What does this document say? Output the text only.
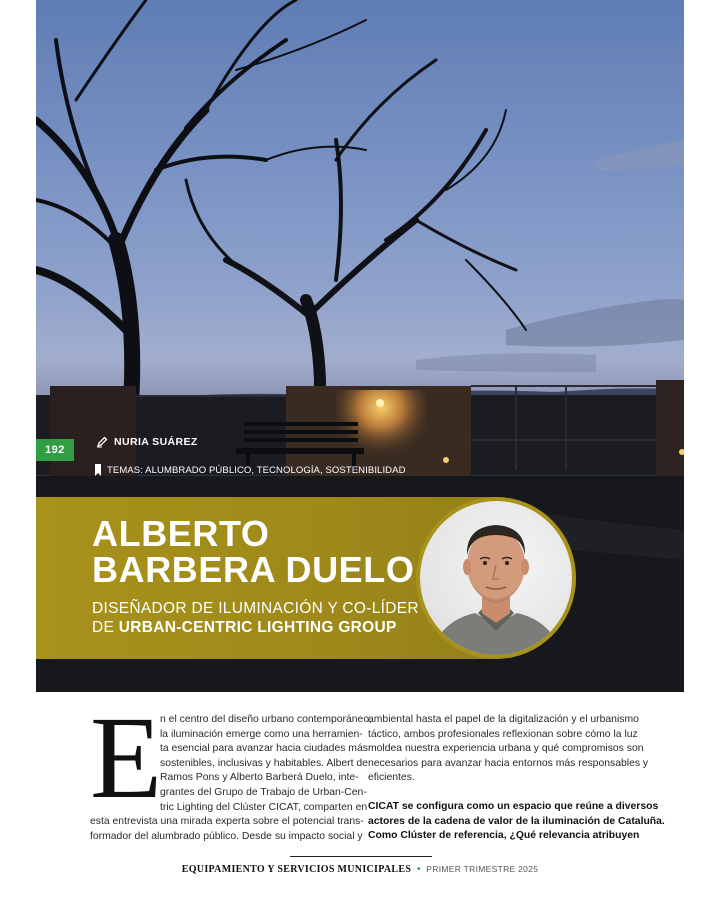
192
NURIA SUÁREZ
TEMAS: ALUMBRADO PÚBLICO, TECNOLOGÍA, SOSTENIBILIDAD
ALBERTO
BARBERA DUELO
DISEÑADOR DE ILUMINACIÓN Y CO-LÍDER
DE URBAN-CENTRIC LIGHTING GROUP
E

n el centro del diseño urbano contemporáneo,
la iluminación emerge como una herramien-
ta esencial para avanzar hacia ciudades más
sostenibles, inclusivas y habitables. Albert de
Ramos Pons y Alberto Barberá Duelo, inte-
grantes del Grupo de Trabajo de Urban-Cen-
tric Lighting del Clúster CICAT, comparten en
esta entrevista una mirada experta sobre el potencial trans-
formador del alumbrado público. Desde su impacto social y

ambiental hasta el papel de la digitalización y el urbanismo
táctico, ambos profesionales reflexionan sobre cómo la luz
moldea nuestra experiencia urbana y qué compromisos son
necesarios para avanzar hacia entornos más responsables y
eficientes.

CICAT se configura como un espacio que reúne a diversos
actores de la cadena de valor de la iluminación de Cataluña.
Como Clúster de referencia, ¿Qué relevancia atribuyen

EQUIPAMIENTO Y SERVICIOS MUNICIPALES • PRIMER TRIMESTRE 2025
